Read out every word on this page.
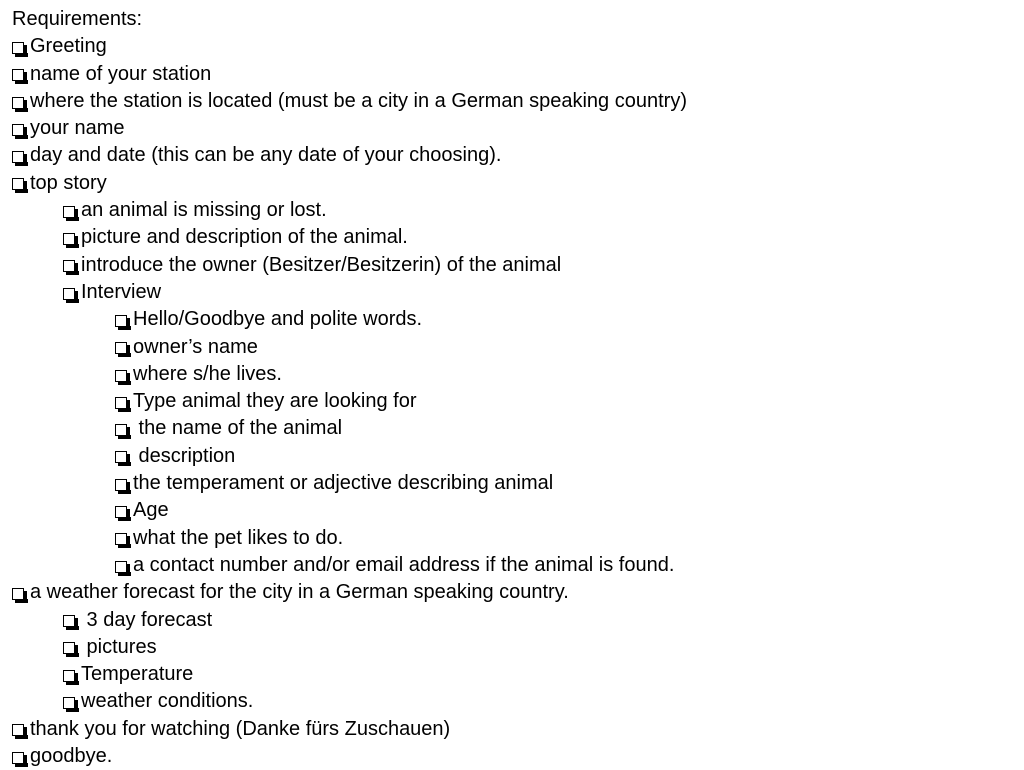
Requirements:
Greeting
name of your station
where the station is located (must be a city in a German speaking country)
your name
day and date (this can be any date of your choosing).
top story
an animal is missing or lost.
picture and description of the animal.
introduce the owner (Besitzer/Besitzerin) of the animal
Interview
Hello/Goodbye and polite words.
owner’s name
where s/he lives.
Type animal they are looking for
the name of the animal
description
the temperament or adjective describing animal
Age
what the pet likes to do.
a contact number and/or email address if the animal is found.
a weather forecast for the city in a German speaking country.
3 day forecast
pictures
Temperature
weather conditions.
thank you for watching (Danke fürs Zuschauen)
goodbye.
